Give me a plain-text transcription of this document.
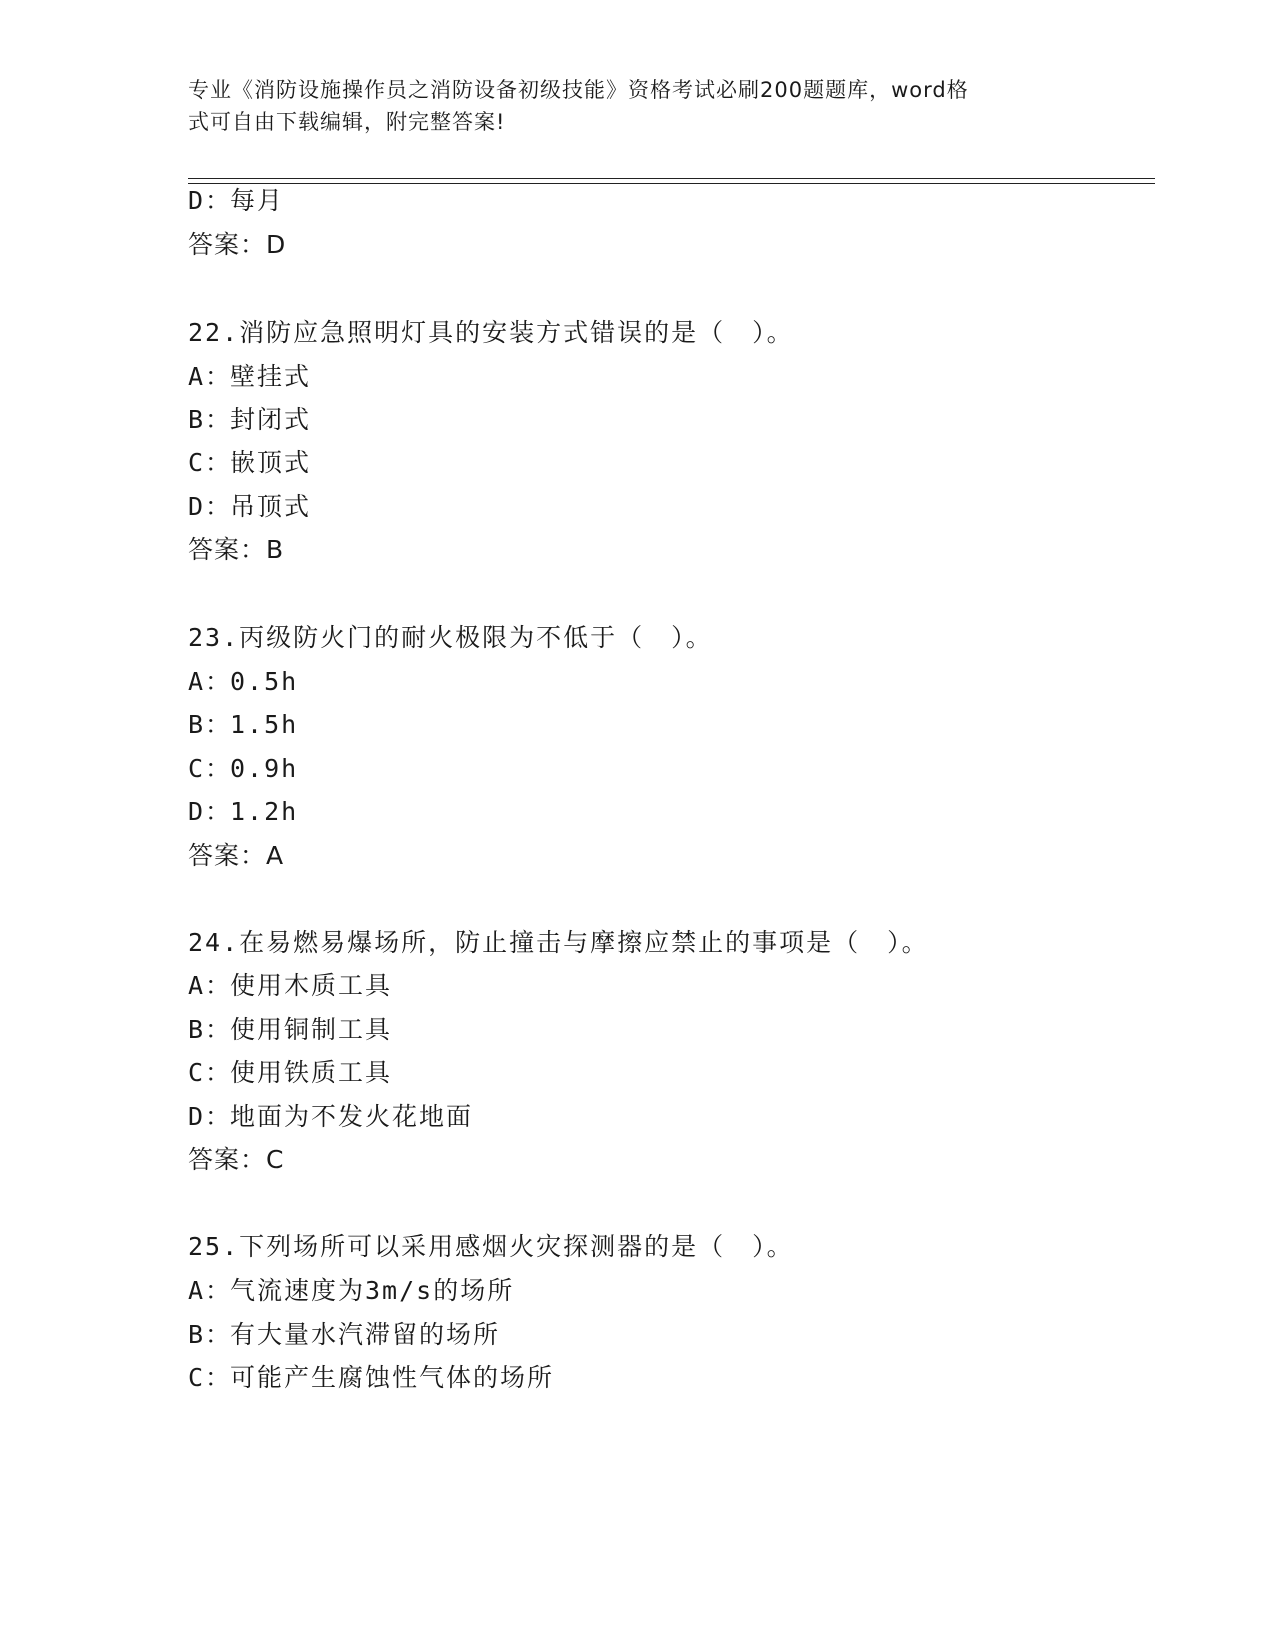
专业《消防设施操作员之消防设备初级技能》资格考试必刷200题题库，word格
式可自由下载编辑，附完整答案!
D：每月
答案：D
22.消防应急照明灯具的安装方式错误的是（　）。
A：壁挂式
B：封闭式
C：嵌顶式
D：吊顶式
答案：B
23.丙级防火门的耐火极限为不低于（　）。
A：0.5h
B：1.5h
C：0.9h
D：1.2h
答案：A
24.在易燃易爆场所，防止撞击与摩擦应禁止的事项是（　）。
A：使用木质工具
B：使用铜制工具
C：使用铁质工具
D：地面为不发火花地面
答案：C
25.下列场所可以采用感烟火灾探测器的是（　）。
A：气流速度为3m/s的场所
B：有大量水汽滞留的场所
C：可能产生腐蚀性气体的场所
